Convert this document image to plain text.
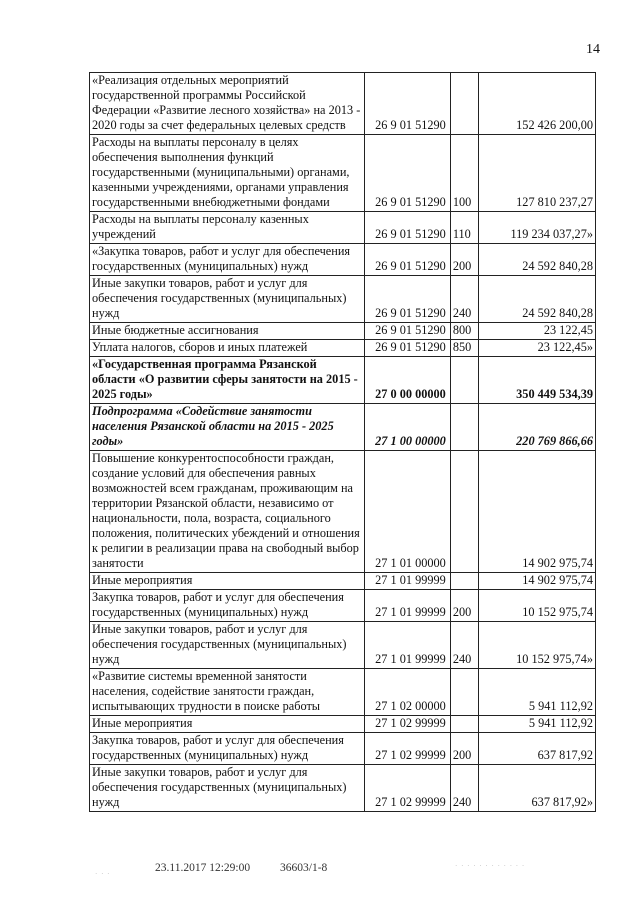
14
«Реализация отдельных мероприятий государственной программы Российской Федерации «Развитие лесного хозяйства» на 2013 - 2020 годы за счет федеральных целевых средств	26 9 01 51290		152 426 200,00
Расходы на выплаты персоналу в целях обеспечения выполнения функций государственными (муниципальными) органами, казенными учреждениями, органами управления государственными внебюджетными фондами	26 9 01 51290	100	127 810 237,27
Расходы на выплаты персоналу казенных учреждений	26 9 01 51290	110	119 234 037,27»
«Закупка товаров, работ и услуг для обеспечения государственных (муниципальных) нужд	26 9 01 51290	200	24 592 840,28
Иные закупки товаров, работ и услуг для обеспечения государственных (муниципальных) нужд	26 9 01 51290	240	24 592 840,28
Иные бюджетные ассигнования	26 9 01 51290	800	23 122,45
Уплата налогов, сборов и иных платежей	26 9 01 51290	850	23 122,45»
«Государственная программа Рязанской области «О развитии сферы занятости на 2015 - 2025 годы»	27 0 00 00000		350 449 534,39
Подпрограмма «Содействие занятости населения Рязанской области на 2015 - 2025 годы»	27 1 00 00000		220 769 866,66
Повышение конкурентоспособности граждан, создание условий для обеспечения равных возможностей всем гражданам, проживающим на территории Рязанской области, независимо от национальности, пола, возраста, социального положения, политических убеждений и отношения к религии в реализации права на свободный выбор занятости	27 1 01 00000		14 902 975,74
Иные мероприятия	27 1 01 99999		14 902 975,74
Закупка товаров, работ и услуг для обеспечения государственных (муниципальных) нужд	27 1 01 99999	200	10 152 975,74
Иные закупки товаров, работ и услуг для обеспечения государственных (муниципальных) нужд	27 1 01 99999	240	10 152 975,74»
«Развитие системы временной занятости населения, содействие занятости граждан, испытывающих трудности в поиске работы	27 1 02 00000		5 941 112,92
Иные мероприятия	27 1 02 99999		5 941 112,92
Закупка товаров, работ и услуг для обеспечения государственных (муниципальных) нужд	27 1 02 99999	200	637 817,92
Иные закупки товаров, работ и услуг для обеспечения государственных (муниципальных) нужд	27 1 02 99999	240	637 817,92»
23.11.2017 12:29:00	36603/1-8
· · ·
· · · · · · · · · · · ·
